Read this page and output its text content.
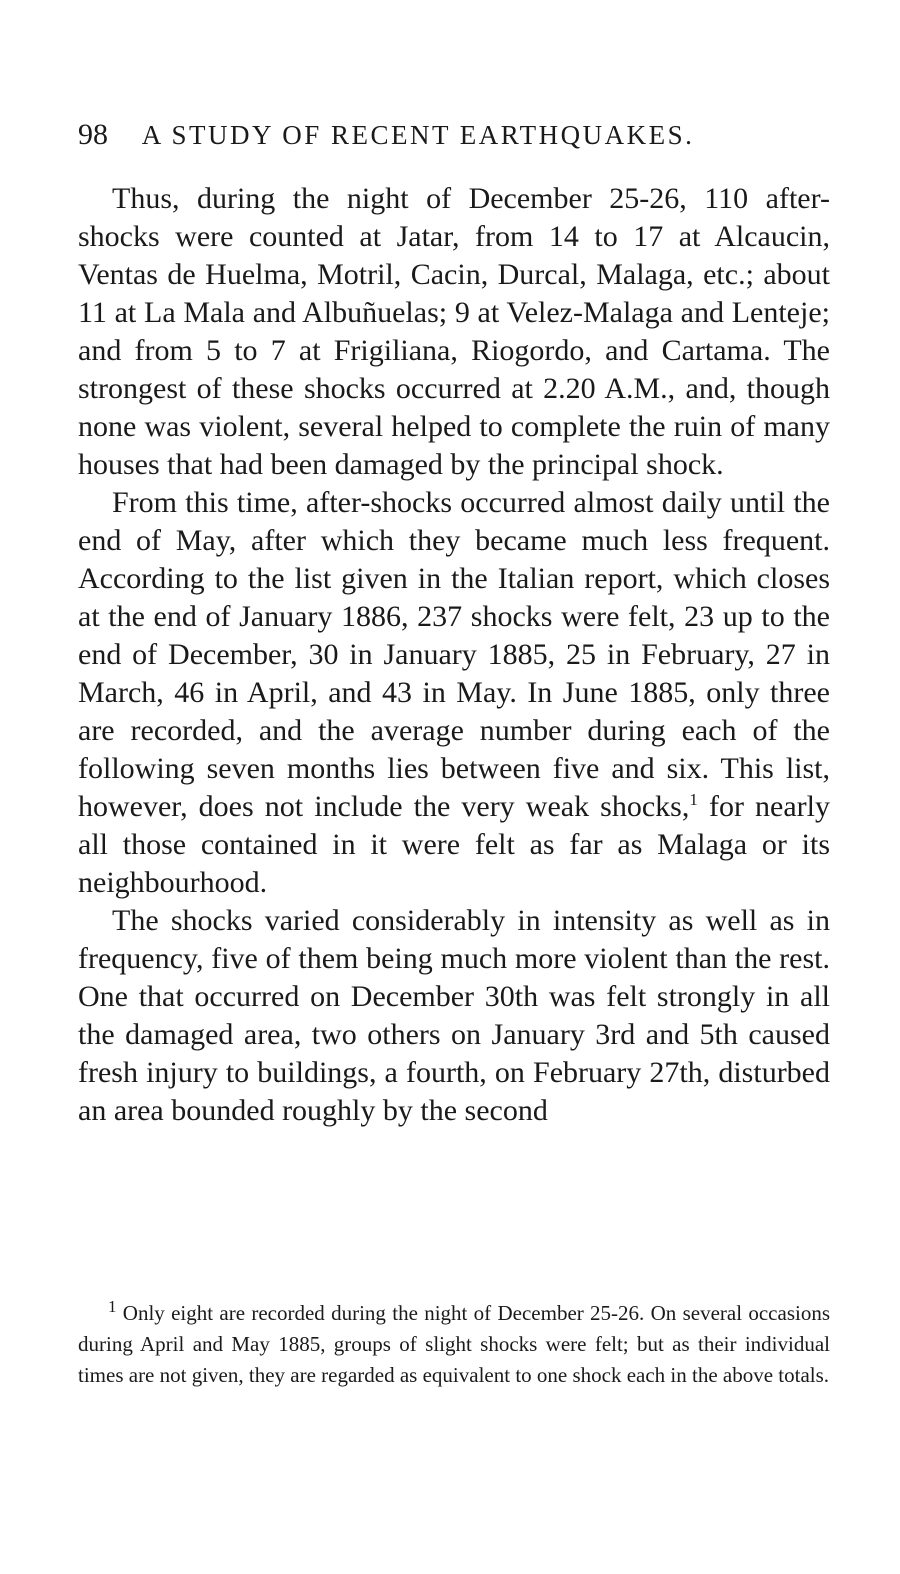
98 A STUDY OF RECENT EARTHQUAKES.

Thus, during the night of December 25-26, 110 after-shocks were counted at Jatar, from 14 to 17 at Alcaucin, Ventas de Huelma, Motril, Cacin, Durcal, Malaga, etc.; about 11 at La Mala and Albuñuelas; 9 at Velez-Malaga and Lenteje; and from 5 to 7 at Frigiliana, Riogordo, and Cartama. The strongest of these shocks occurred at 2.20 A.M., and, though none was violent, several helped to complete the ruin of many houses that had been damaged by the principal shock.

From this time, after-shocks occurred almost daily until the end of May, after which they became much less frequent. According to the list given in the Italian report, which closes at the end of January 1886, 237 shocks were felt, 23 up to the end of December, 30 in January 1885, 25 in February, 27 in March, 46 in April, and 43 in May. In June 1885, only three are recorded, and the average number during each of the following seven months lies between five and six. This list, however, does not include the very weak shocks,$^1$ for nearly all those contained in it were felt as far as Malaga or its neighbourhood.

The shocks varied considerably in intensity as well as in frequency, five of them being much more violent than the rest. One that occurred on December 30th was felt strongly in all the damaged area, two others on January 3rd and 5th caused fresh injury to buildings, a fourth, on February 27th, disturbed an area bounded roughly by the second

$^1$ Only eight are recorded during the night of December 25-26. On several occasions during April and May 1885, groups of slight shocks were felt; but as their individual times are not given, they are regarded as equivalent to one shock each in the above totals.
